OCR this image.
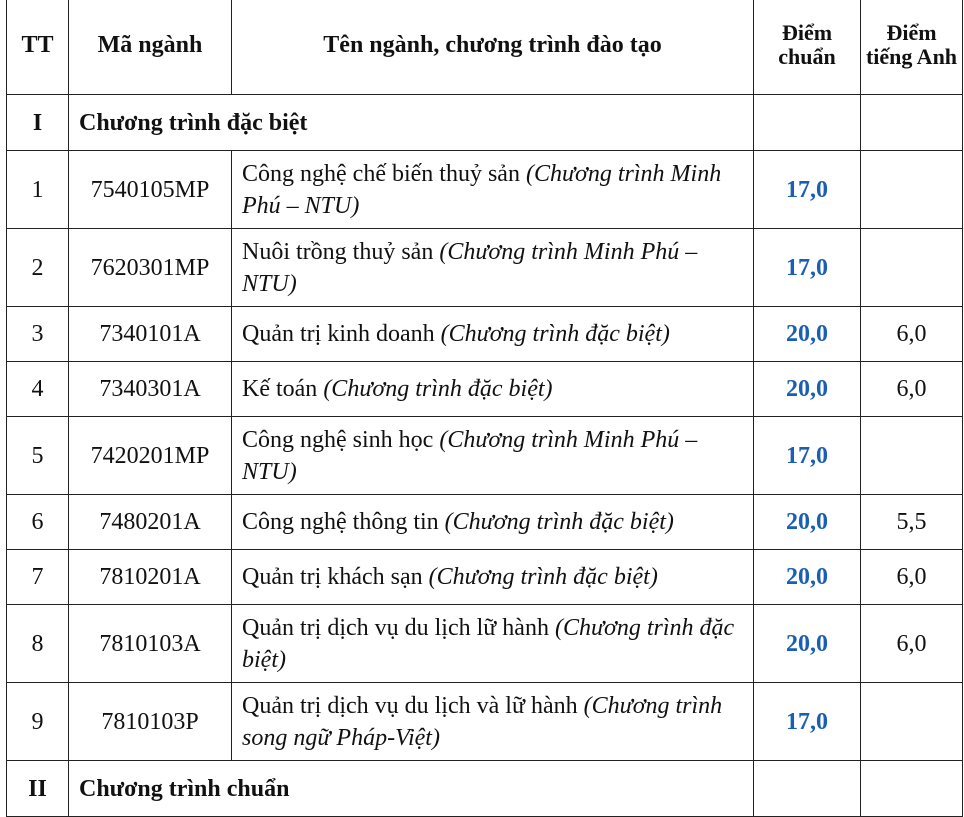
TT	Mã ngành	Tên ngành, chương trình đào tạo	Điểm chuẩn	Điểm tiếng Anh
I	Chương trình đặc biệt			
1	7540105MP	Công nghệ chế biến thuỷ sản (Chương trình Minh Phú – NTU)	17,0	
2	7620301MP	Nuôi trồng thuỷ sản (Chương trình Minh Phú – NTU)	17,0	
3	7340101A	Quản trị kinh doanh (Chương trình đặc biệt)	20,0	6,0
4	7340301A	Kế toán (Chương trình đặc biệt)	20,0	6,0
5	7420201MP	Công nghệ sinh học (Chương trình Minh Phú – NTU)	17,0	
6	7480201A	Công nghệ thông tin (Chương trình đặc biệt)	20,0	5,5
7	7810201A	Quản trị khách sạn (Chương trình đặc biệt)	20,0	6,0
8	7810103A	Quản trị dịch vụ du lịch lữ hành (Chương trình đặc biệt)	20,0	6,0
9	7810103P	Quản trị dịch vụ du lịch và lữ hành (Chương trình song ngữ Pháp-Việt)	17,0	
II	Chương trình chuẩn			
